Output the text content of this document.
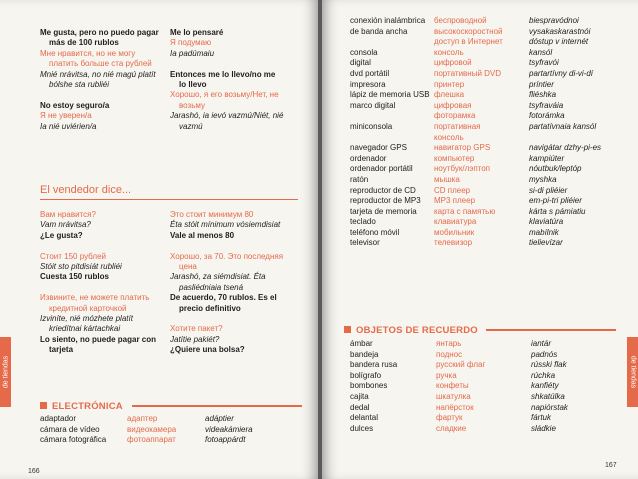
Me gusta, pero no puedo pagar
más de 100 rublos
Мне нравится, но не могу
платить больше ста рублей
Mnié nrávitsa, no nié magú platít
bólshe sta rubliéi
No estoy seguro/a
Я не уверен/а
Ia nié uviérien/a
Me lo pensaré
Я подумаю
Ia padúmaiu
Entonces me lo llevo/no me
lo llevo
Хорошо, я его возьму/Нет, не
возьму
Jarashó, ia ievó vazmú/Niét, nié
vazmú
El vendedor dice...
Вам нравится?
Vam nrávitsa?
¿Le gusta?
Стоит 150 рублей
Stóit sto pitdisiát rubliéi
Cuesta 150 rublos
Извините, не можете платить
кредитной карточкой
Izviníte, nié mózhete platít
kriedítnai kártachkai
Lo siento, no puede pagar con
tarjeta
Это стоит минимум 80
Éta stóit mínimum vósiemdisiat
Vale al menos 80
Хорошо, за 70. Это последняя
цена
Jarashó, za siémdisiat. Éta
pasliédniaia tsená
De acuerdo, 70 rublos. Es el
precio definitivo
Хотите пакет?
Jatítie pakiét?
¿Quiere una bolsa?
ELECTRÓNICA
adaptador	адаптер	adáptier
cámara de vídeo	видеокамера	videakámiera
cámara fotográfica	фотоаппарат	fotoappárdt
de tiendas
166
conexión inalámbrica	беспроводной	biespravódnoi
de banda ancha	высокоскоростной	vysakaskarastnói
	доступ в Интернет	dóstup v internét
consola	консоль	kansól
digital	цифровой	tsyfravói
dvd portátil	портативный DVD	partartívny di-vi-dí
impresora	принтер	príntier
lápiz de memoria USB	флешка	fliéshka
marco digital	цифровая	tsyfraváia
	фоторамка	fotorámka
miniconsola	портативная	partatívnaia kansól
	консоль	
navegador GPS	навигатор GPS	navigátar dzhy-pi-es
ordenador	компьютер	kampiúter
ordenador portátil	ноутбук/лэптоп	nóutbuk/leptóp
ratón	мышка	myshka
reproductor de CD	CD плеер	si-di pliéier
reproductor de MP3	MP3 плеер	em-pi-tri pliéier
tarjeta de memoria	карта с памятью	kárta s pámiatiu
teclado	клавиатура	klaviatúra
teléfono móvil	мобильник	mabílnik
televisor	телевизор	tielievízar
OBJETOS DE RECUERDO
ámbar	янтарь	iantár
bandeja	поднос	padnós
bandera rusa	русский флаг	rússki flak
bolígrafo	ручка	rúchka
bombones	конфеты	kanfiéty
cajita	шкатулка	shkatúlka
dedal	напёрсток	napiórstak
delantal	фартук	fártuk
dulces	сладкие	sládkie
de tiendas
167
